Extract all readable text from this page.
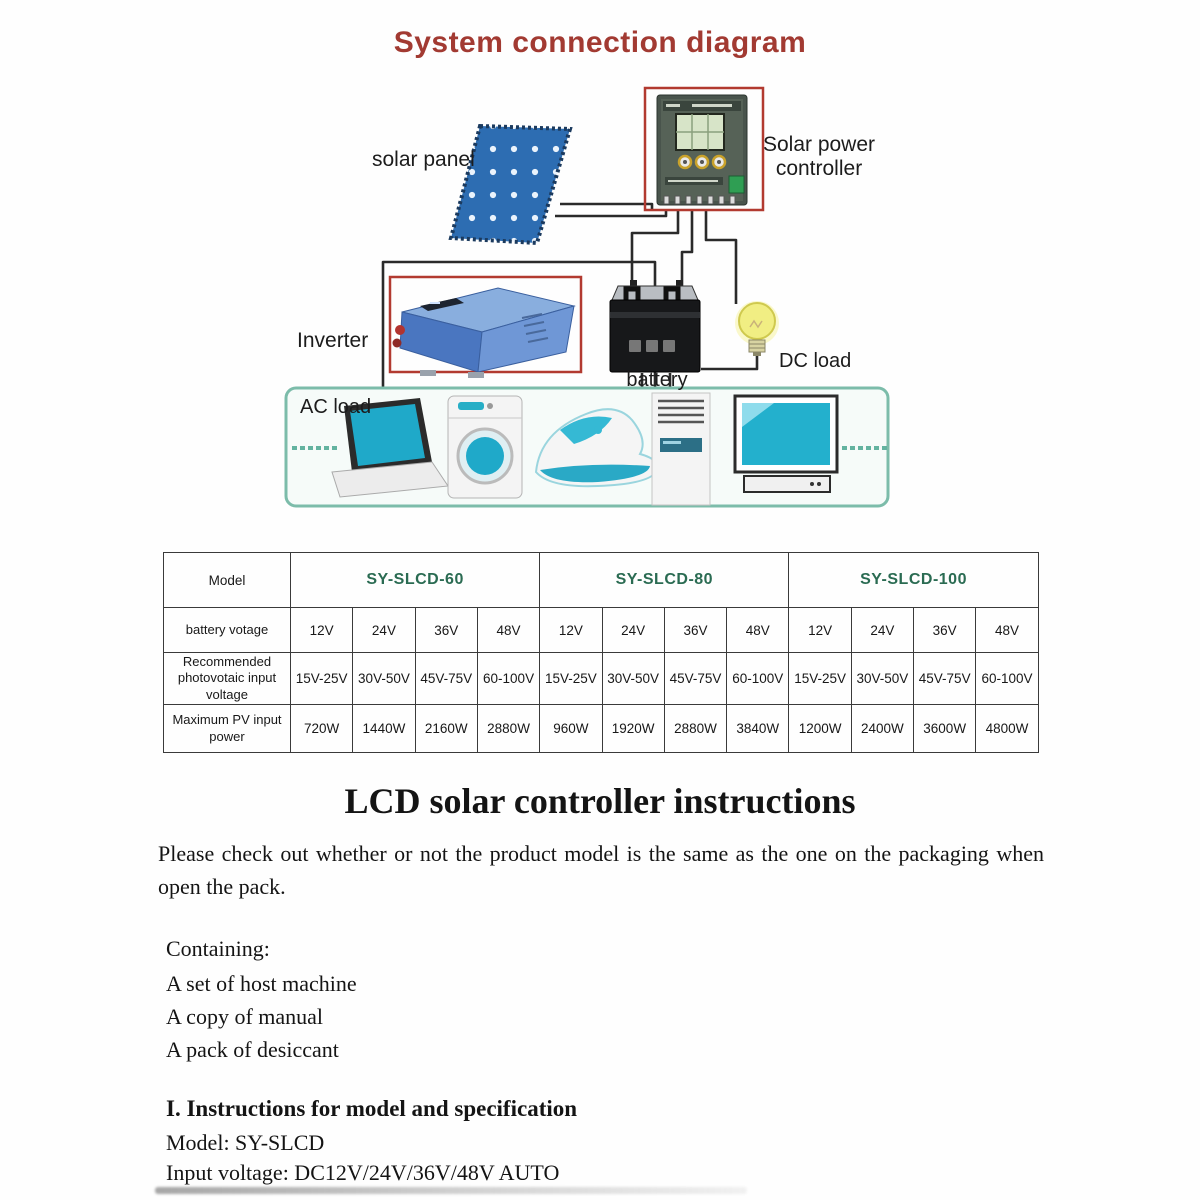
System connection diagram
solar panel
Solar power controller
Inverter
battery
DC load
AC load
Model	SY-SLCD-60				SY-SLCD-80				SY-SLCD-100			
battery votage	12V	24V	36V	48V	12V	24V	36V	48V	12V	24V	36V	48V
Recommended photovotaic input voltage	15V-25V	30V-50V	45V-75V	60-100V	15V-25V	30V-50V	45V-75V	60-100V	15V-25V	30V-50V	45V-75V	60-100V
Maximum PV input power	720W	1440W	2160W	2880W	960W	1920W	2880W	3840W	1200W	2400W	3600W	4800W
LCD solar controller instructions
Please check out whether or not the product model is the same as the one on the packaging when open the pack.
Containing:
A set of host machine
A copy of manual
A pack of desiccant
I. Instructions for model and specification
Model: SY-SLCD
Input voltage: DC12V/24V/36V/48V AUTO
